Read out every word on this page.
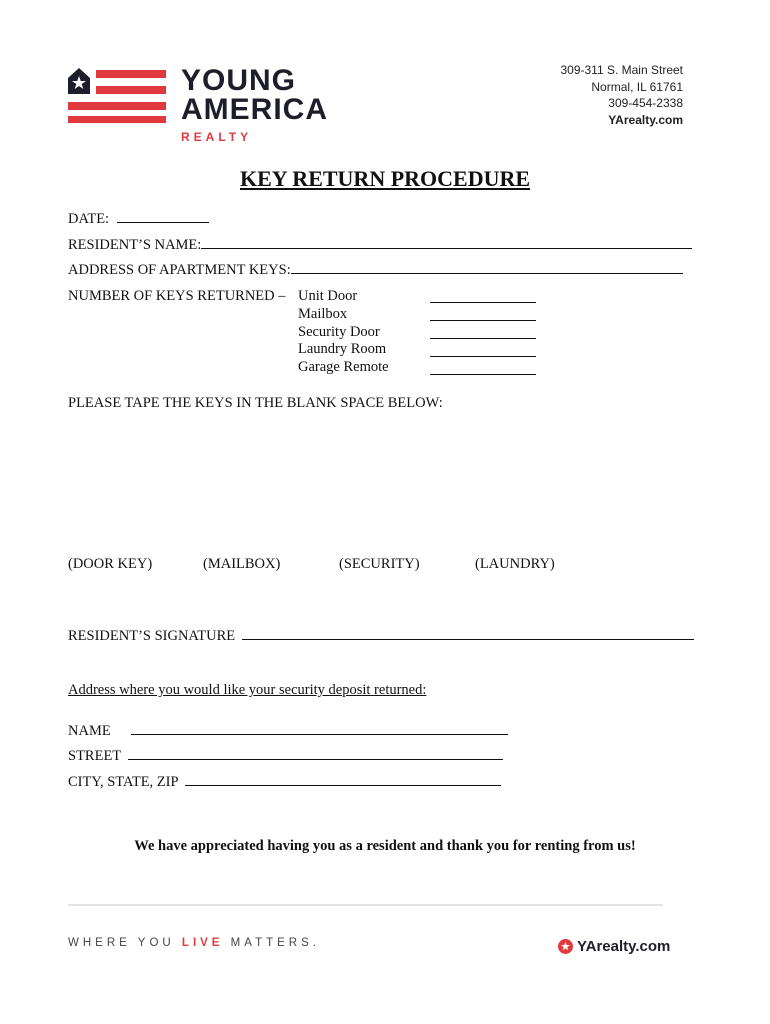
YOUNG
AMERICA
REALTY
309-311 S. Main Street
Normal, IL 61761
309-454-2338
YArealty.com
KEY RETURN PROCEDURE
DATE:
RESIDENT’S NAME:
ADDRESS OF APARTMENT KEYS:
NUMBER OF KEYS RETURNED – Unit Door
Mailbox
Security Door
Laundry Room
Garage Remote
PLEASE TAPE THE KEYS IN THE BLANK SPACE BELOW:
(DOOR KEY)	(MAILBOX)	(SECURITY)	(LAUNDRY)
RESIDENT’S SIGNATURE
Address where you would like your security deposit returned:
NAME
STREET
CITY, STATE, ZIP
We have appreciated having you as a resident and thank you for renting from us!
WHERE YOU LIVE MATTERS.	YArealty.com
